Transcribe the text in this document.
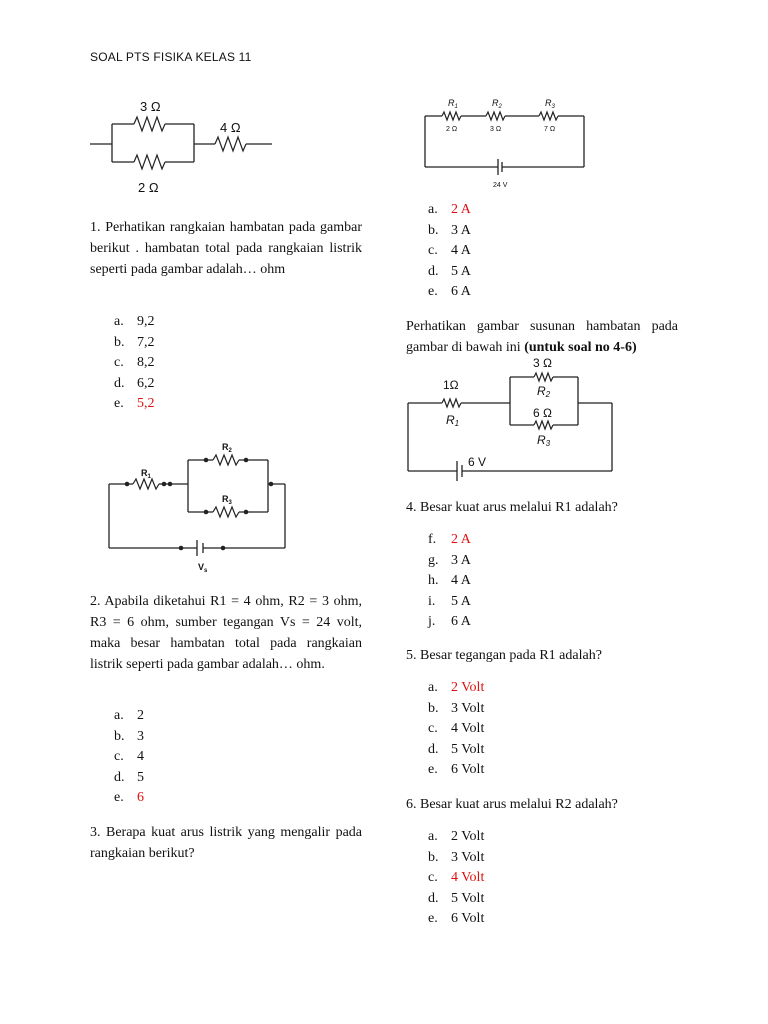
SOAL PTS FISIKA KELAS 11
3 Ω
2 Ω
4 Ω
1. Perhatikan rangkaian hambatan pada gambar berikut . hambatan total pada rangkaian listrik seperti pada gambar adalah… ohm
a. 9,2
b. 7,2
c. 8,2
d. 6,2
e. 5,2
$R_1$
$R_2$
$R_3$
$V_s$
2. Apabila diketahui R1 = 4 ohm, R2 = 3 ohm, R3 = 6 ohm, sumber tegangan Vs = 24 volt, maka besar hambatan total pada rangkaian listrik seperti pada gambar adalah… ohm.
a. 2
b. 3
c. 4
d. 5
e. 6
3. Berapa kuat arus listrik yang mengalir pada rangkaian berikut?
$R_1$	$R_2$	$R_3$
2 Ω	3 Ω	7 Ω
24 V
a. 2 A
b. 3 A
c. 4 A
d. 5 A
e. 6 A
Perhatikan gambar susunan hambatan pada gambar di bawah ini (untuk soal no 4-6)
1Ω
R1
3 Ω
R2
6 Ω
R3
6 V
4. Besar kuat arus melalui R1 adalah?
f.	2 A
g. 3 A
h. 4 A
i.	5 A
j.	6 A
5. Besar tegangan pada R1 adalah?
a. 2 Volt
b. 3 Volt
c. 4 Volt
d. 5 Volt
e. 6 Volt
6. Besar kuat arus melalui R2 adalah?
a. 2 Volt
b. 3 Volt
c. 4 Volt
d. 5 Volt
e. 6 Volt
